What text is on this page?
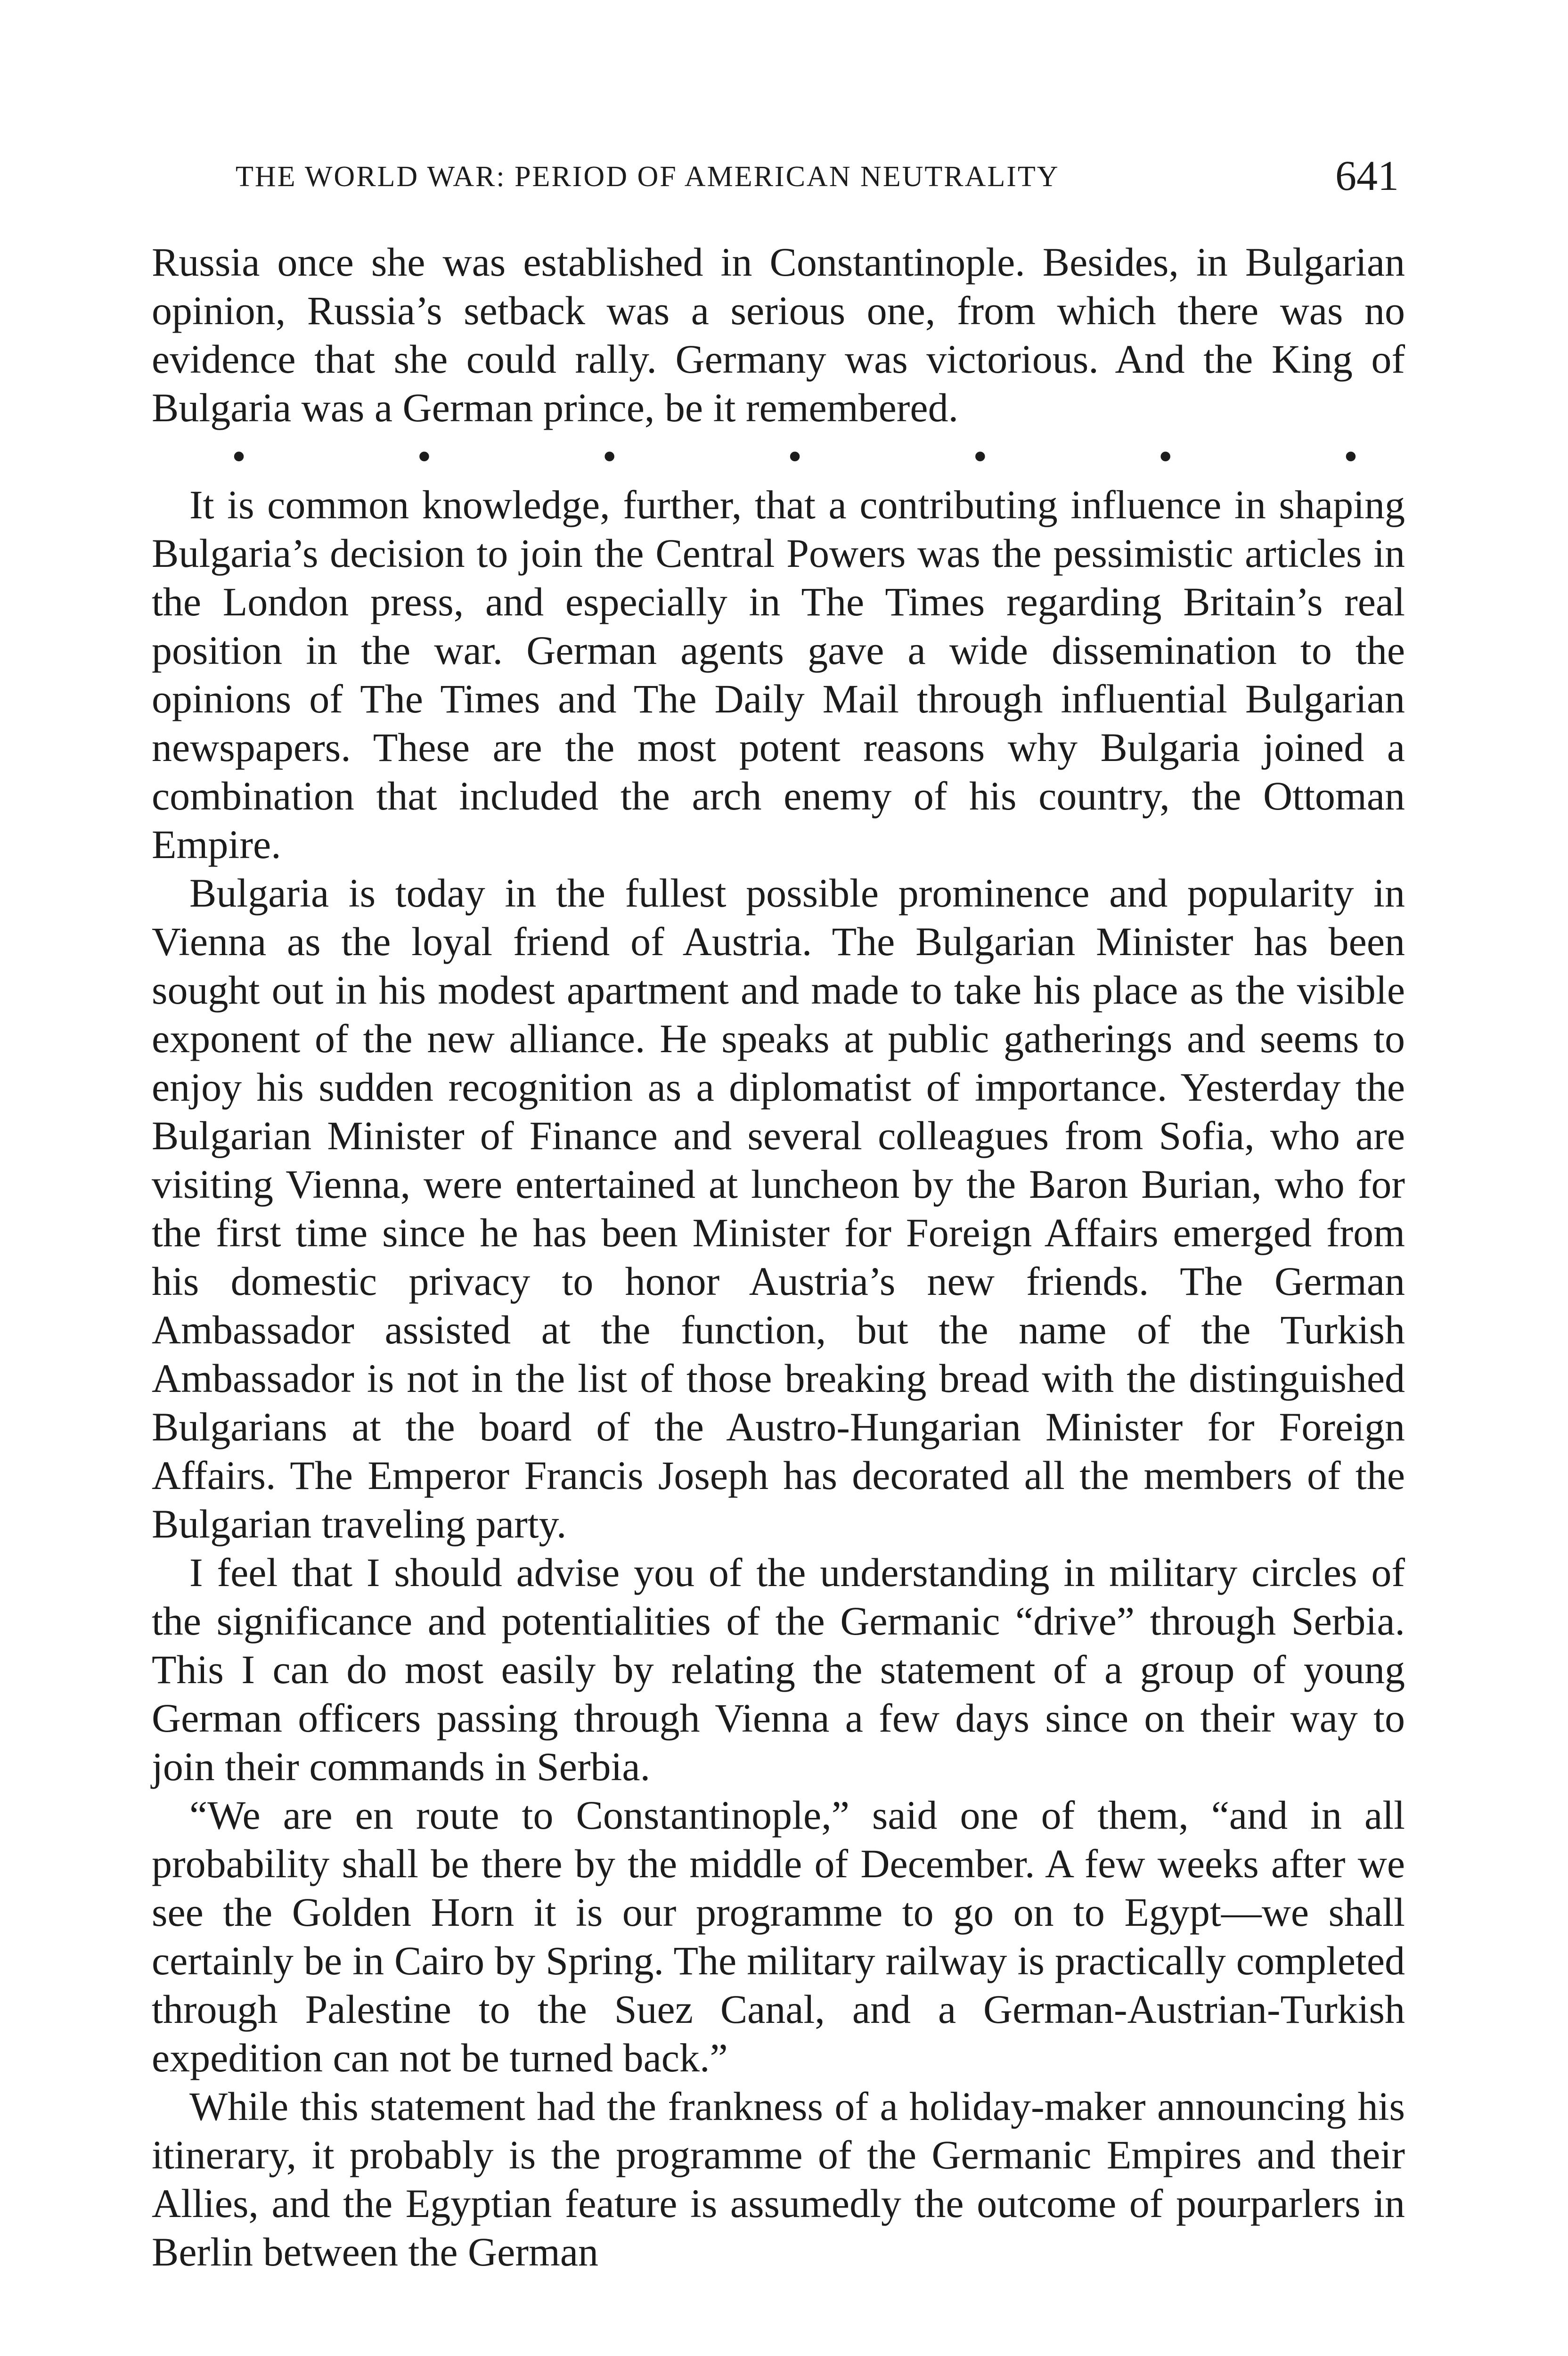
THE WORLD WAR: PERIOD OF AMERICAN NEUTRALITY	641

Russia once she was established in Constantinople. Besides, in Bulgarian opinion, Russia’s setback was a serious one, from which there was no evidence that she could rally. Germany was victorious. And the King of Bulgaria was a German prince, be it remembered.

•	•	•	•	•	•	•

It is common knowledge, further, that a contributing influence in shaping Bulgaria’s decision to join the Central Powers was the pessimistic articles in the London press, and especially in The Times regarding Britain’s real position in the war. German agents gave a wide dissemination to the opinions of The Times and The Daily Mail through influential Bulgarian newspapers. These are the most potent reasons why Bulgaria joined a combination that included the arch enemy of his country, the Ottoman Empire.

Bulgaria is today in the fullest possible prominence and popularity in Vienna as the loyal friend of Austria. The Bulgarian Minister has been sought out in his modest apartment and made to take his place as the visible exponent of the new alliance. He speaks at public gatherings and seems to enjoy his sudden recognition as a diplomatist of importance. Yesterday the Bulgarian Minister of Finance and several colleagues from Sofia, who are visiting Vienna, were entertained at luncheon by the Baron Burian, who for the first time since he has been Minister for Foreign Affairs emerged from his domestic privacy to honor Austria’s new friends. The German Ambassador assisted at the function, but the name of the Turkish Ambassador is not in the list of those breaking bread with the distinguished Bulgarians at the board of the Austro-Hungarian Minister for Foreign Affairs. The Emperor Francis Joseph has decorated all the members of the Bulgarian traveling party.

I feel that I should advise you of the understanding in military circles of the significance and potentialities of the Germanic “drive” through Serbia. This I can do most easily by relating the statement of a group of young German officers passing through Vienna a few days since on their way to join their commands in Serbia.

“We are en route to Constantinople,” said one of them, “and in all probability shall be there by the middle of December. A few weeks after we see the Golden Horn it is our programme to go on to Egypt—we shall certainly be in Cairo by Spring. The military railway is practically completed through Palestine to the Suez Canal, and a German-Austrian-Turkish expedition can not be turned back.”

While this statement had the frankness of a holiday-maker announcing his itinerary, it probably is the programme of the Germanic Empires and their Allies, and the Egyptian feature is assumedly the outcome of pourparlers in Berlin between the German
